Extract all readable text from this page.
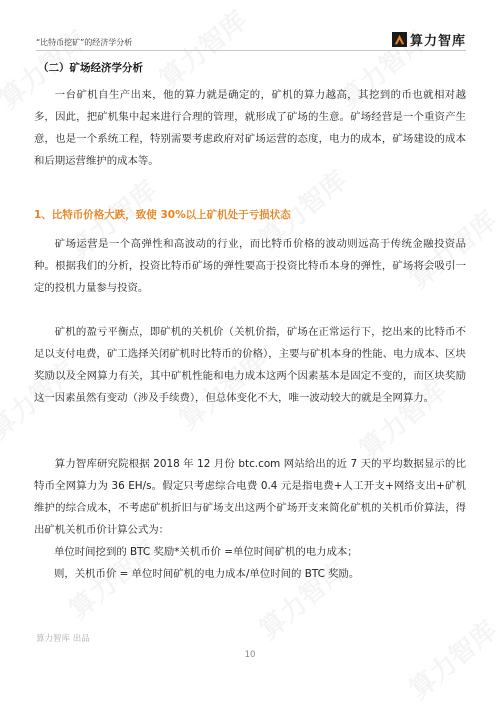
“比特币挖矿”的经济学分析	算力智库
（二）矿场经济学分析

一台矿机自生产出来，他的算力就是确定的，矿机的算力越高，其挖到的币也就相对越多，因此，把矿机集中起来进行合理的管理，就形成了矿场的生意。矿场经营是一个重资产生意，也是一个系统工程，特别需要考虑政府对矿场运营的态度，电力的成本，矿场建设的成本和后期运营维护的成本等。

1、比特币价格大跌，致使 30%以上矿机处于亏损状态

矿场运营是一个高弹性和高波动的行业，而比特币价格的波动则远高于传统金融投资品种。根据我们的分析，投资比特币矿场的弹性要高于投资比特币本身的弹性，矿场将会吸引一定的投机力量参与投资。

矿机的盈亏平衡点，即矿机的关机价（关机价指，矿场在正常运行下，挖出来的比特币不足以支付电费，矿工选择关闭矿机时比特币的价格），主要与矿机本身的性能、电力成本、区块奖励以及全网算力有关，其中矿机性能和电力成本这两个因素基本是固定不变的，而区块奖励这一因素虽然有变动（涉及手续费），但总体变化不大，唯一波动较大的就是全网算力。

算力智库研究院根据 2018 年 12 月份 btc.com 网站给出的近 7 天的平均数据显示的比特币全网算力为 36 EH/s。假定只考虑综合电费 0.4 元是指电费+人工开支+网络支出+矿机维护的综合成本，不考虑矿机折旧与矿场支出这两个矿场开支来简化矿机的关机币价算法，得出矿机关机币价计算公式为：

单位时间挖到的 BTC 奖励*关机币价 =单位时间矿机的电力成本；

则，关机币价 = 单位时间矿机的电力成本/单位时间的 BTC 奖励。

算力智库 出品
10
